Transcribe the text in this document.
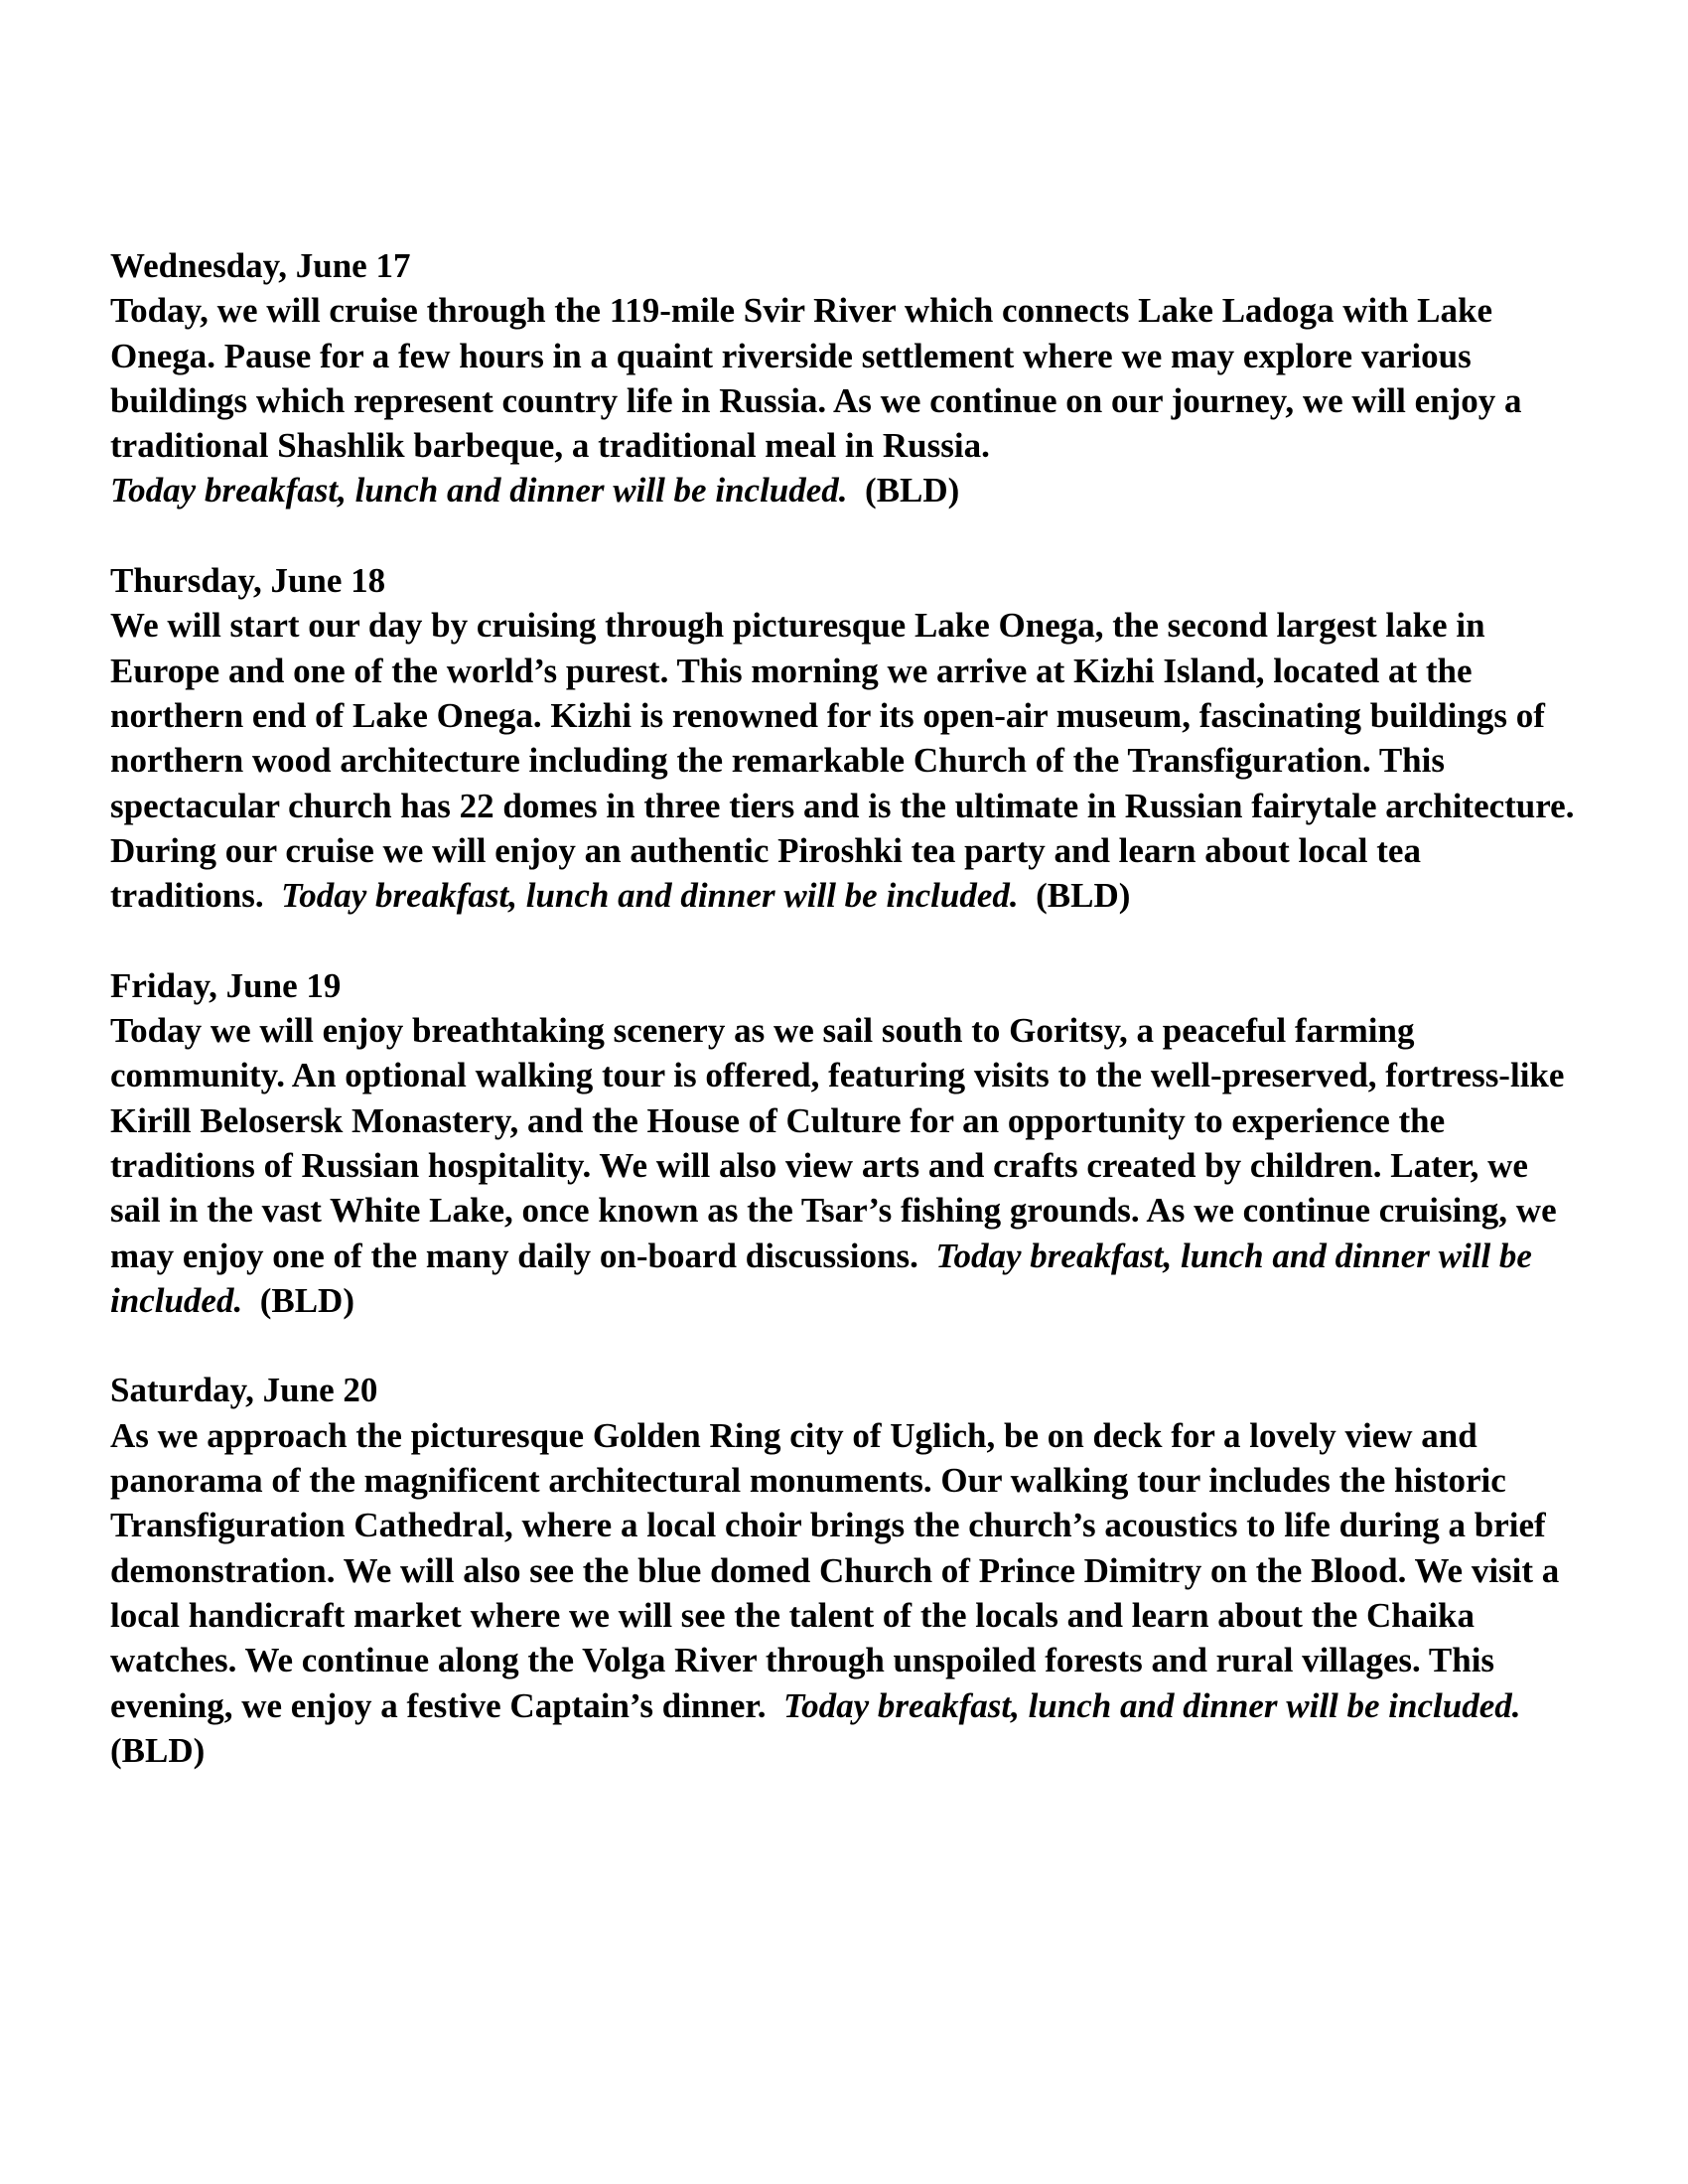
Wednesday, June 17

Today, we will cruise through the 119-mile Svir River which connects Lake Ladoga with Lake Onega. Pause for a few hours in a quaint riverside settlement where we may explore various buildings which represent country life in Russia. As we continue on our journey, we will enjoy a traditional Shashlik barbeque, a traditional meal in Russia.
Today breakfast, lunch and dinner will be included. (BLD)

Thursday, June 18

We will start our day by cruising through picturesque Lake Onega, the second largest lake in Europe and one of the world’s purest. This morning we arrive at Kizhi Island, located at the northern end of Lake Onega. Kizhi is renowned for its open-air museum, fascinating buildings of northern wood architecture including the remarkable Church of the Transfiguration. This spectacular church has 22 domes in three tiers and is the ultimate in Russian fairytale architecture. During our cruise we will enjoy an authentic Piroshki tea party and learn about local tea traditions. Today breakfast, lunch and dinner will be included. (BLD)

Friday, June 19

Today we will enjoy breathtaking scenery as we sail south to Goritsy, a peaceful farming community. An optional walking tour is offered, featuring visits to the well-preserved, fortress-like Kirill Belosersk Monastery, and the House of Culture for an opportunity to experience the traditions of Russian hospitality. We will also view arts and crafts created by children. Later, we sail in the vast White Lake, once known as the Tsar’s fishing grounds. As we continue cruising, we may enjoy one of the many daily on-board discussions. Today breakfast, lunch and dinner will be included. (BLD)

Saturday, June 20

As we approach the picturesque Golden Ring city of Uglich, be on deck for a lovely view and panorama of the magnificent architectural monuments. Our walking tour includes the historic Transfiguration Cathedral, where a local choir brings the church’s acoustics to life during a brief demonstration. We will also see the blue domed Church of Prince Dimitry on the Blood. We visit a local handicraft market where we will see the talent of the locals and learn about the Chaika watches. We continue along the Volga River through unspoiled forests and rural villages. This evening, we enjoy a festive Captain’s dinner. Today breakfast, lunch and dinner will be included.  (BLD)
